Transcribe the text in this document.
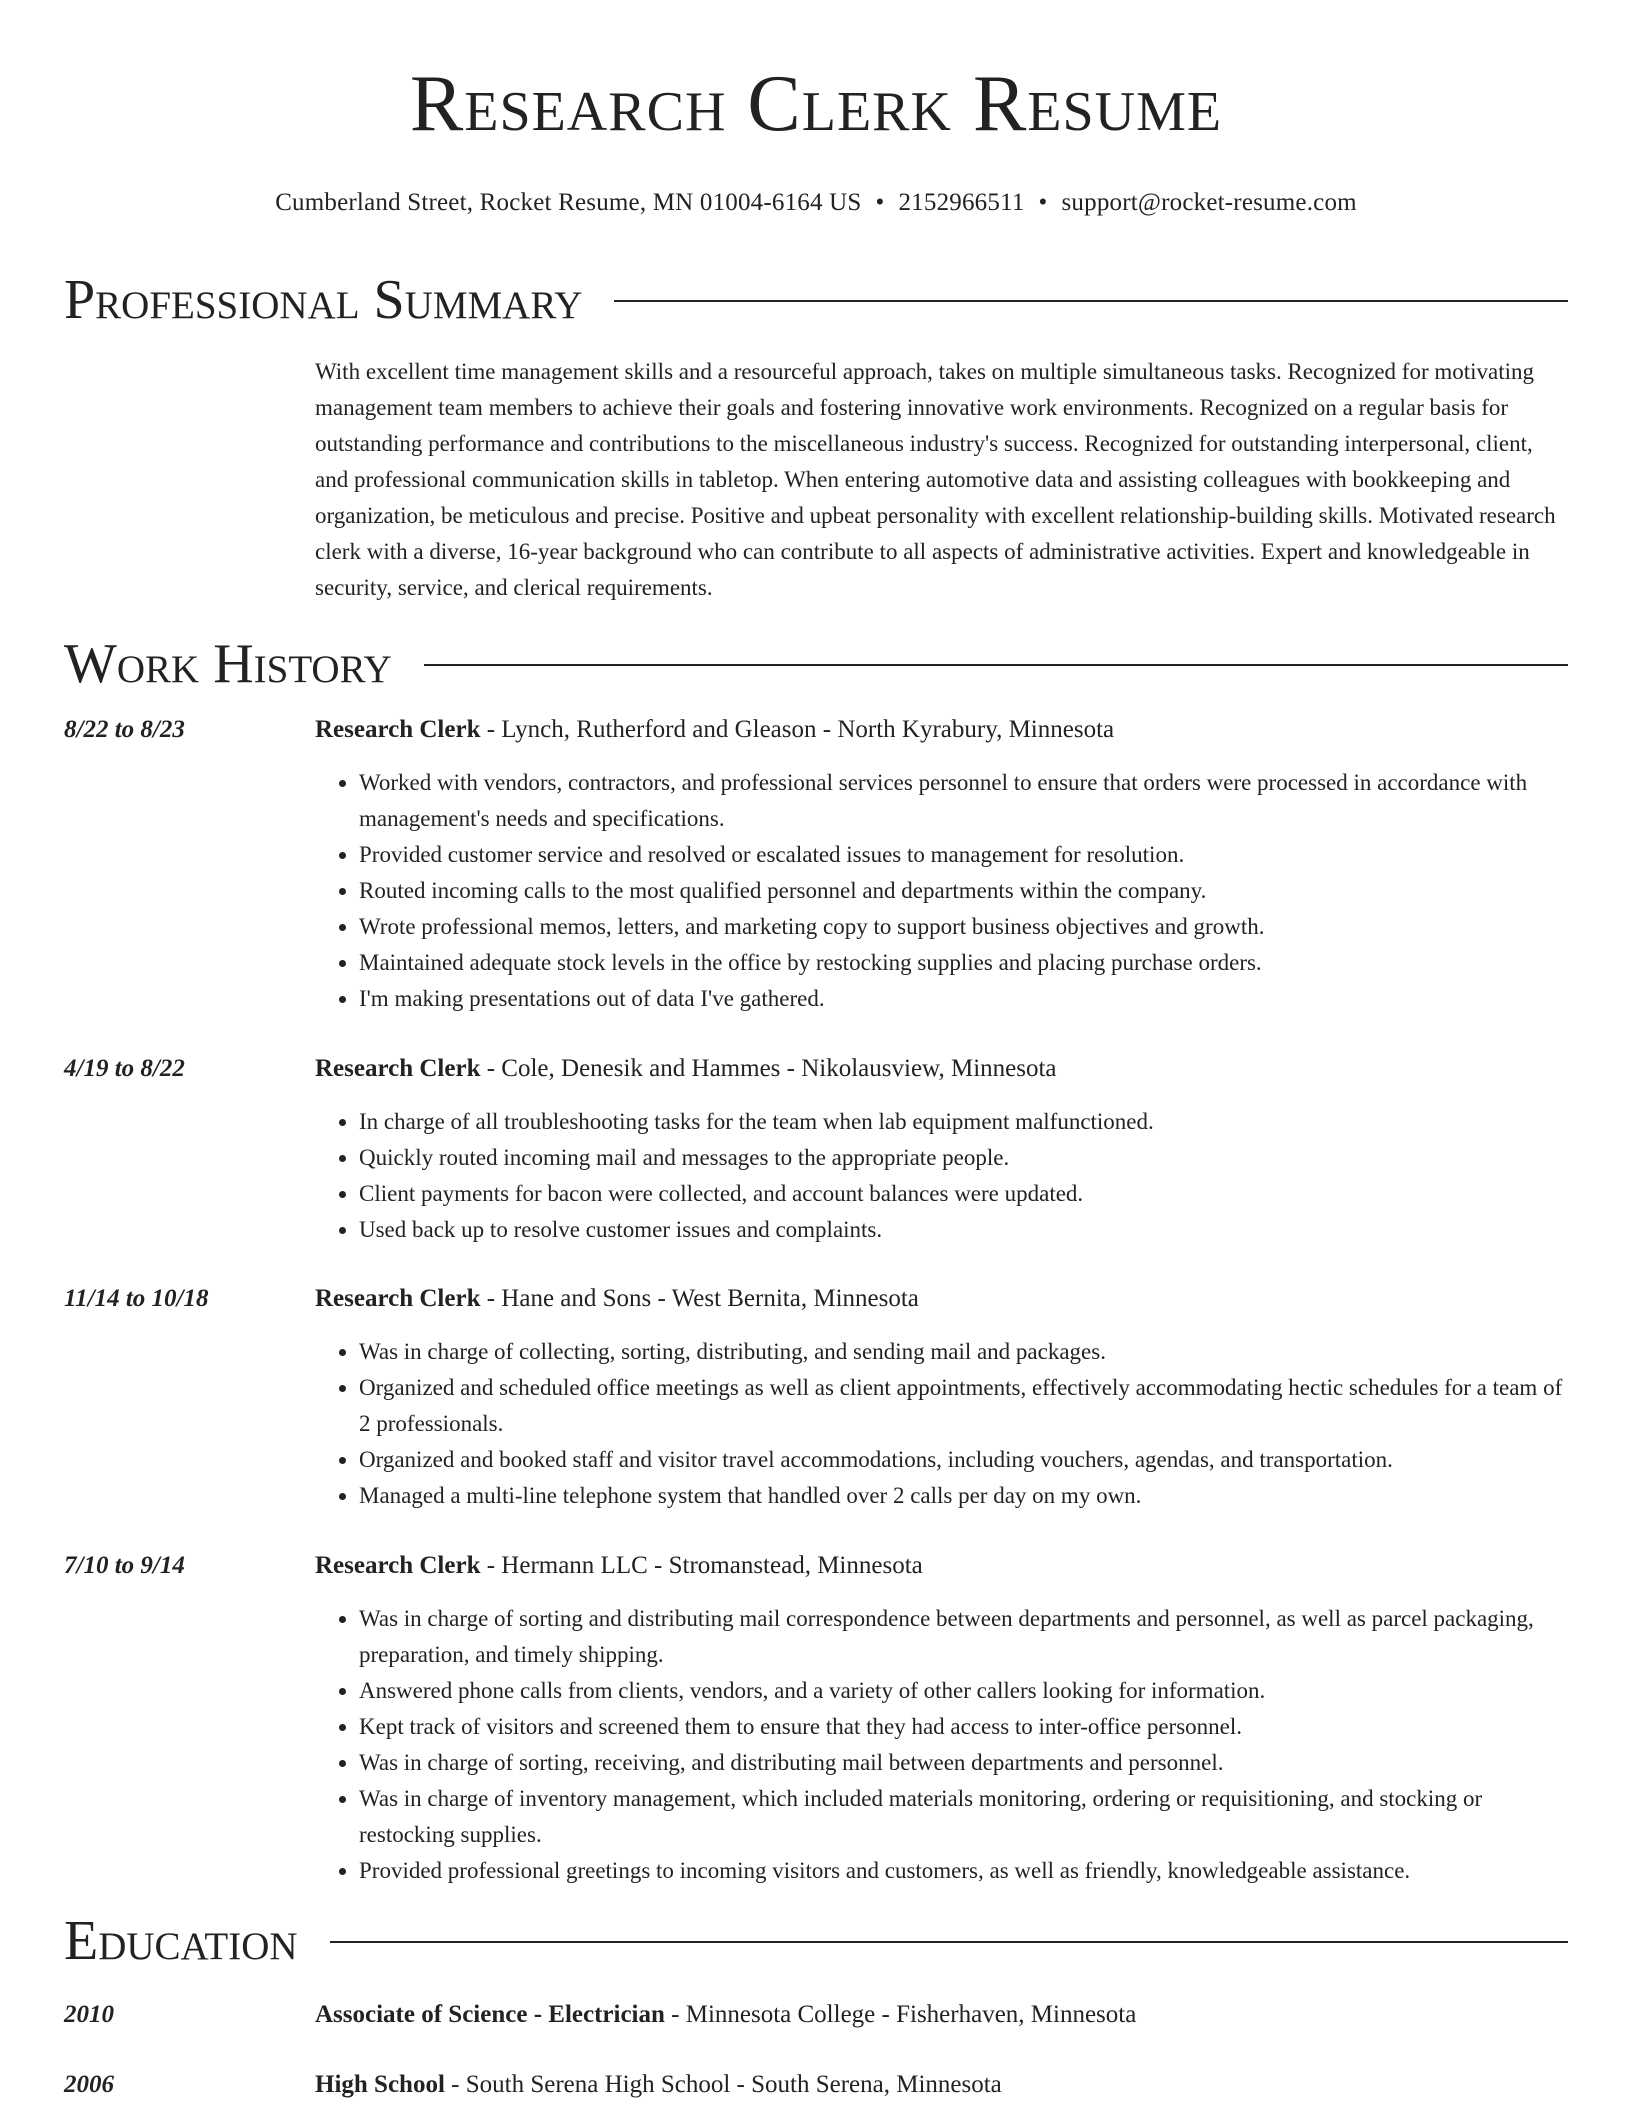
Research Clerk Resume
Cumberland Street, Rocket Resume, MN 01004-6164 US • 2152966511 • support@rocket-resume.com
Professional Summary

With excellent time management skills and a resourceful approach, takes on multiple simultaneous tasks. Recognized for motivating management team members to achieve their goals and fostering innovative work environments. Recognized on a regular basis for outstanding performance and contributions to the miscellaneous industry's success. Recognized for outstanding interpersonal, client, and professional communication skills in tabletop. When entering automotive data and assisting colleagues with bookkeeping and organization, be meticulous and precise. Positive and upbeat personality with excellent relationship-building skills. Motivated research clerk with a diverse, 16-year background who can contribute to all aspects of administrative activities. Expert and knowledgeable in security, service, and clerical requirements.

Work History
8/22 to 8/23	Research Clerk - Lynch, Rutherford and Gleason - North Kyrabury, Minnesota
• Worked with vendors, contractors, and professional services personnel to ensure that orders were processed in accordance with management's needs and specifications.
• Provided customer service and resolved or escalated issues to management for resolution.
• Routed incoming calls to the most qualified personnel and departments within the company.
• Wrote professional memos, letters, and marketing copy to support business objectives and growth.
• Maintained adequate stock levels in the office by restocking supplies and placing purchase orders.
• I'm making presentations out of data I've gathered.
4/19 to 8/22	Research Clerk - Cole, Denesik and Hammes - Nikolausview, Minnesota
• In charge of all troubleshooting tasks for the team when lab equipment malfunctioned.
• Quickly routed incoming mail and messages to the appropriate people.
• Client payments for bacon were collected, and account balances were updated.
• Used back up to resolve customer issues and complaints.
11/14 to 10/18	Research Clerk - Hane and Sons - West Bernita, Minnesota
• Was in charge of collecting, sorting, distributing, and sending mail and packages.
• Organized and scheduled office meetings as well as client appointments, effectively accommodating hectic schedules for a team of 2 professionals.
• Organized and booked staff and visitor travel accommodations, including vouchers, agendas, and transportation.
• Managed a multi-line telephone system that handled over 2 calls per day on my own.
7/10 to 9/14	Research Clerk - Hermann LLC - Stromanstead, Minnesota
• Was in charge of sorting and distributing mail correspondence between departments and personnel, as well as parcel packaging, preparation, and timely shipping.
• Answered phone calls from clients, vendors, and a variety of other callers looking for information.
• Kept track of visitors and screened them to ensure that they had access to inter-office personnel.
• Was in charge of sorting, receiving, and distributing mail between departments and personnel.
• Was in charge of inventory management, which included materials monitoring, ordering or requisitioning, and stocking or restocking supplies.
• Provided professional greetings to incoming visitors and customers, as well as friendly, knowledgeable assistance.
Education
2010	Associate of Science - Electrician - Minnesota College - Fisherhaven, Minnesota
2006	High School - South Serena High School - South Serena, Minnesota
